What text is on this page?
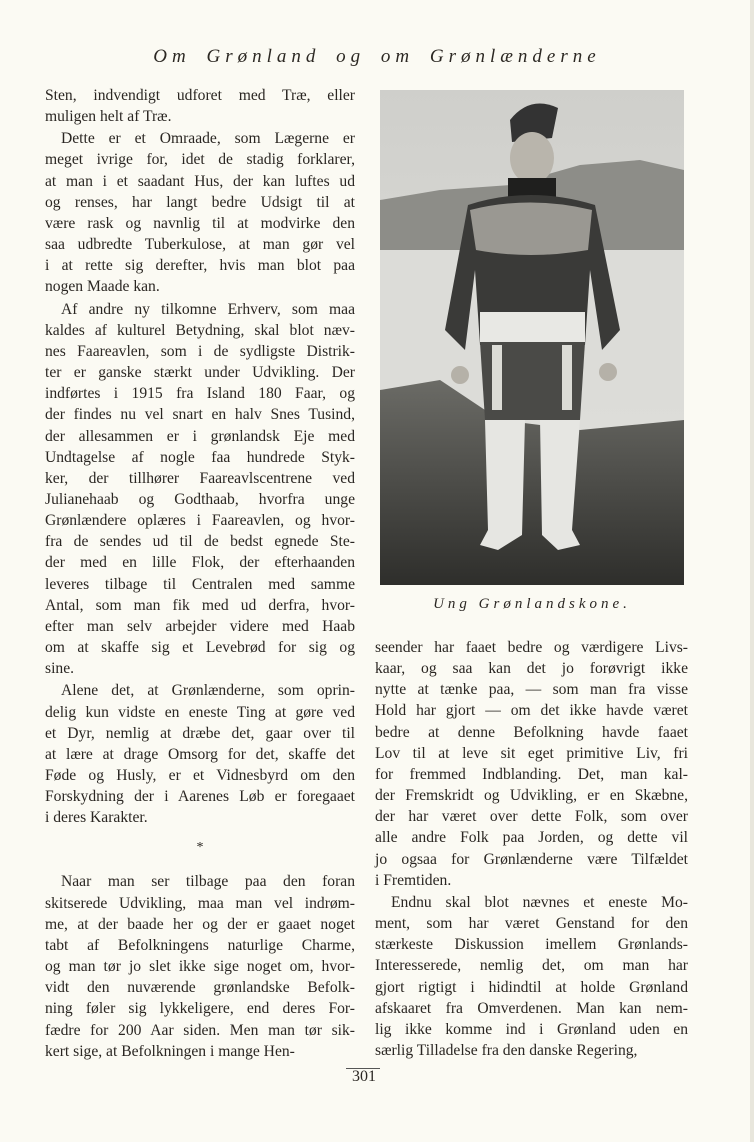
Om Grønland og om Grønlænderne
Sten, indvendigt udforet med Træ, eller
muligen helt af Træ.
Dette er et Omraade, som Lægerne er
meget ivrige for, idet de stadig forklarer,
at man i et saadant Hus, der kan luftes ud
og renses, har langt bedre Udsigt til at
være rask og navnlig til at modvirke den
saa udbredte Tuberkulose, at man gør vel
i at rette sig derefter, hvis man blot paa
nogen Maade kan.
Af andre ny tilkomne Erhverv, som maa
kaldes af kulturel Betydning, skal blot næv-
nes Faareavlen, som i de sydligste Distrik-
ter er ganske stærkt under Udvikling. Der
indførtes i 1915 fra Island 180 Faar, og
der findes nu vel snart en halv Snes Tusind,
der allesammen er i grønlandsk Eje med
Undtagelse af nogle faa hundrede Styk-
ker, der tillhører Faareavlscentrene ved
Julianehaab og Godthaab, hvorfra unge
Grønlændere oplæres i Faareavlen, og hvor-
fra de sendes ud til de bedst egnede Ste-
der med en lille Flok, der efterhaanden
leveres tilbage til Centralen med samme
Antal, som man fik med ud derfra, hvor-
efter man selv arbejder videre med Haab
om at skaffe sig et Levebrød for sig og
sine.
Alene det, at Grønlænderne, som oprin-
delig kun vidste en eneste Ting at gøre ved
et Dyr, nemlig at dræbe det, gaar over til
at lære at drage Omsorg for det, skaffe det
Føde og Husly, er et Vidnesbyrd om den
Forskydning der i Aarenes Løb er foregaaet
i deres Karakter.
*
Naar man ser tilbage paa den foran
skitserede Udvikling, maa man vel indrøm-
me, at der baade her og der er gaaet noget
tabt af Befolkningens naturlige Charme,
og man tør jo slet ikke sige noget om, hvor-
vidt den nuværende grønlandske Befolk-
ning føler sig lykkeligere, end deres For-
fædre for 200 Aar siden. Men man tør sik-
kert sige, at Befolkningen i mange Hen-
Ung Grønlandskone.
seender har faaet bedre og værdigere Livs-
kaar, og saa kan det jo forøvrigt ikke
nytte at tænke paa, — som man fra visse
Hold har gjort — om det ikke havde været
bedre at denne Befolkning havde faaet
Lov til at leve sit eget primitive Liv, fri
for fremmed Indblanding. Det, man kal-
der Fremskridt og Udvikling, er en Skæbne,
der har været over dette Folk, som over
alle andre Folk paa Jorden, og dette vil
jo ogsaa for Grønlænderne være Tilfældet
i Fremtiden.
Endnu skal blot nævnes et eneste Mo-
ment, som har været Genstand for den
stærkeste Diskussion imellem Grønlands-
Interesserede, nemlig det, om man har
gjort rigtigt i hidindtil at holde Grønland
afskaaret fra Omverdenen. Man kan nem-
lig ikke komme ind i Grønland uden en
særlig Tilladelse fra den danske Regering,
301
